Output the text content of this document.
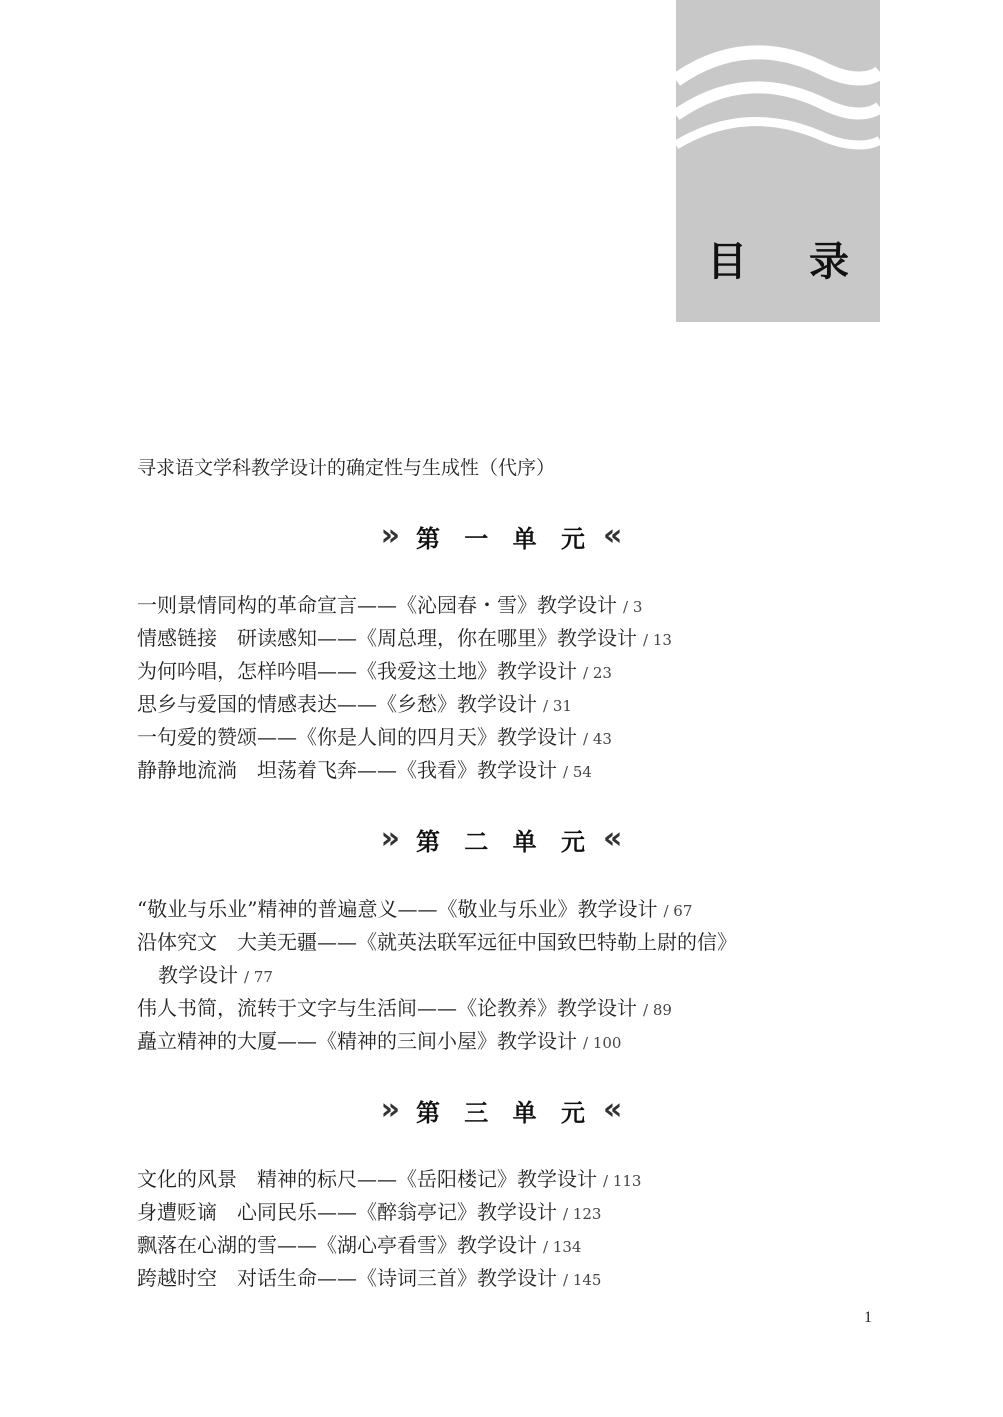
目 录
寻求语文学科教学设计的确定性与生成性（代序）
» 第 一 单 元 «
一则景情同构的革命宣言——《沁园春・雪》教学设计 / 3
情感链接　研读感知——《周总理，你在哪里》教学设计 / 13
为何吟唱，怎样吟唱——《我爱这土地》教学设计 / 23
思乡与爱国的情感表达——《乡愁》教学设计 / 31
一句爱的赞颂——《你是人间的四月天》教学设计 / 43
静静地流淌　坦荡着飞奔——《我看》教学设计 / 54
» 第 二 单 元 «
“敬业与乐业”精神的普遍意义——《敬业与乐业》教学设计 / 67
沿体究文　大美无疆——《就英法联军远征中国致巴特勒上尉的信》
教学设计 / 77
伟人书简，流转于文字与生活间——《论教养》教学设计 / 89
矗立精神的大厦——《精神的三间小屋》教学设计 / 100
» 第 三 单 元 «
文化的风景　精神的标尺——《岳阳楼记》教学设计 / 113
身遭贬谪　心同民乐——《醉翁亭记》教学设计 / 123
飘落在心湖的雪——《湖心亭看雪》教学设计 / 134
跨越时空　对话生命——《诗词三首》教学设计 / 145
1
